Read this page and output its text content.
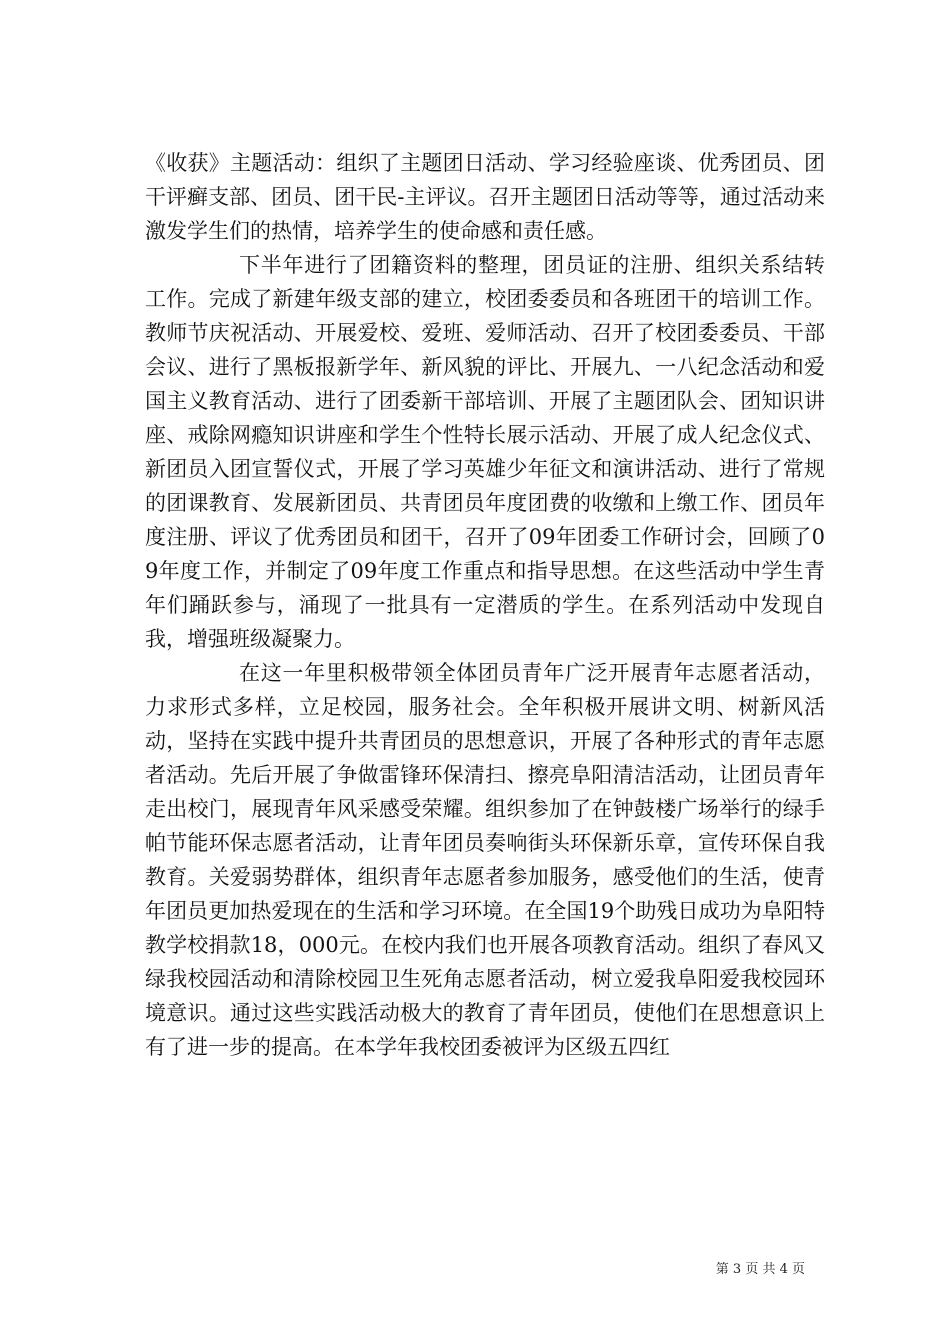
《收获》主题活动：组织了主题团日活动、学习经验座谈、优秀团员、团干评癣支部、团员、团干民-主评议。召开主题团日活动等等，通过活动来激发学生们的热情，培养学生的使命感和责任感。

下半年进行了团籍资料的整理，团员证的注册、组织关系结转工作。完成了新建年级支部的建立，校团委委员和各班团干的培训工作。教师节庆祝活动、开展爱校、爱班、爱师活动、召开了校团委委员、干部会议、进行了黑板报新学年、新风貌的评比、开展九、一八纪念活动和爱国主义教育活动、进行了团委新干部培训、开展了主题团队会、团知识讲座、戒除网瘾知识讲座和学生个性特长展示活动、开展了成人纪念仪式、新团员入团宣誓仪式，开展了学习英雄少年征文和演讲活动、进行了常规的团课教育、发展新团员、共青团员年度团费的收缴和上缴工作、团员年度注册、评议了优秀团员和团干，召开了09年团委工作研讨会，回顾了09年度工作，并制定了09年度工作重点和指导思想。在这些活动中学生青年们踊跃参与，涌现了一批具有一定潜质的学生。在系列活动中发现自我，增强班级凝聚力。

在这一年里积极带领全体团员青年广泛开展青年志愿者活动，力求形式多样，立足校园，服务社会。全年积极开展讲文明、树新风活动，坚持在实践中提升共青团员的思想意识，开展了各种形式的青年志愿者活动。先后开展了争做雷锋环保清扫、擦亮阜阳清洁活动，让团员青年走出校门，展现青年风采感受荣耀。组织参加了在钟鼓楼广场举行的绿手帕节能环保志愿者活动，让青年团员奏响街头环保新乐章，宣传环保自我教育。关爱弱势群体，组织青年志愿者参加服务，感受他们的生活，使青年团员更加热爱现在的生活和学习环境。在全国19个助残日成功为阜阳特教学校捐款18，000元。在校内我们也开展各项教育活动。组织了春风又绿我校园活动和清除校园卫生死角志愿者活动，树立爱我阜阳爱我校园环境意识。通过这些实践活动极大的教育了青年团员，使他们在思想意识上有了进一步的提高。在本学年我校团委被评为区级五四红

第 3 页 共 4 页
